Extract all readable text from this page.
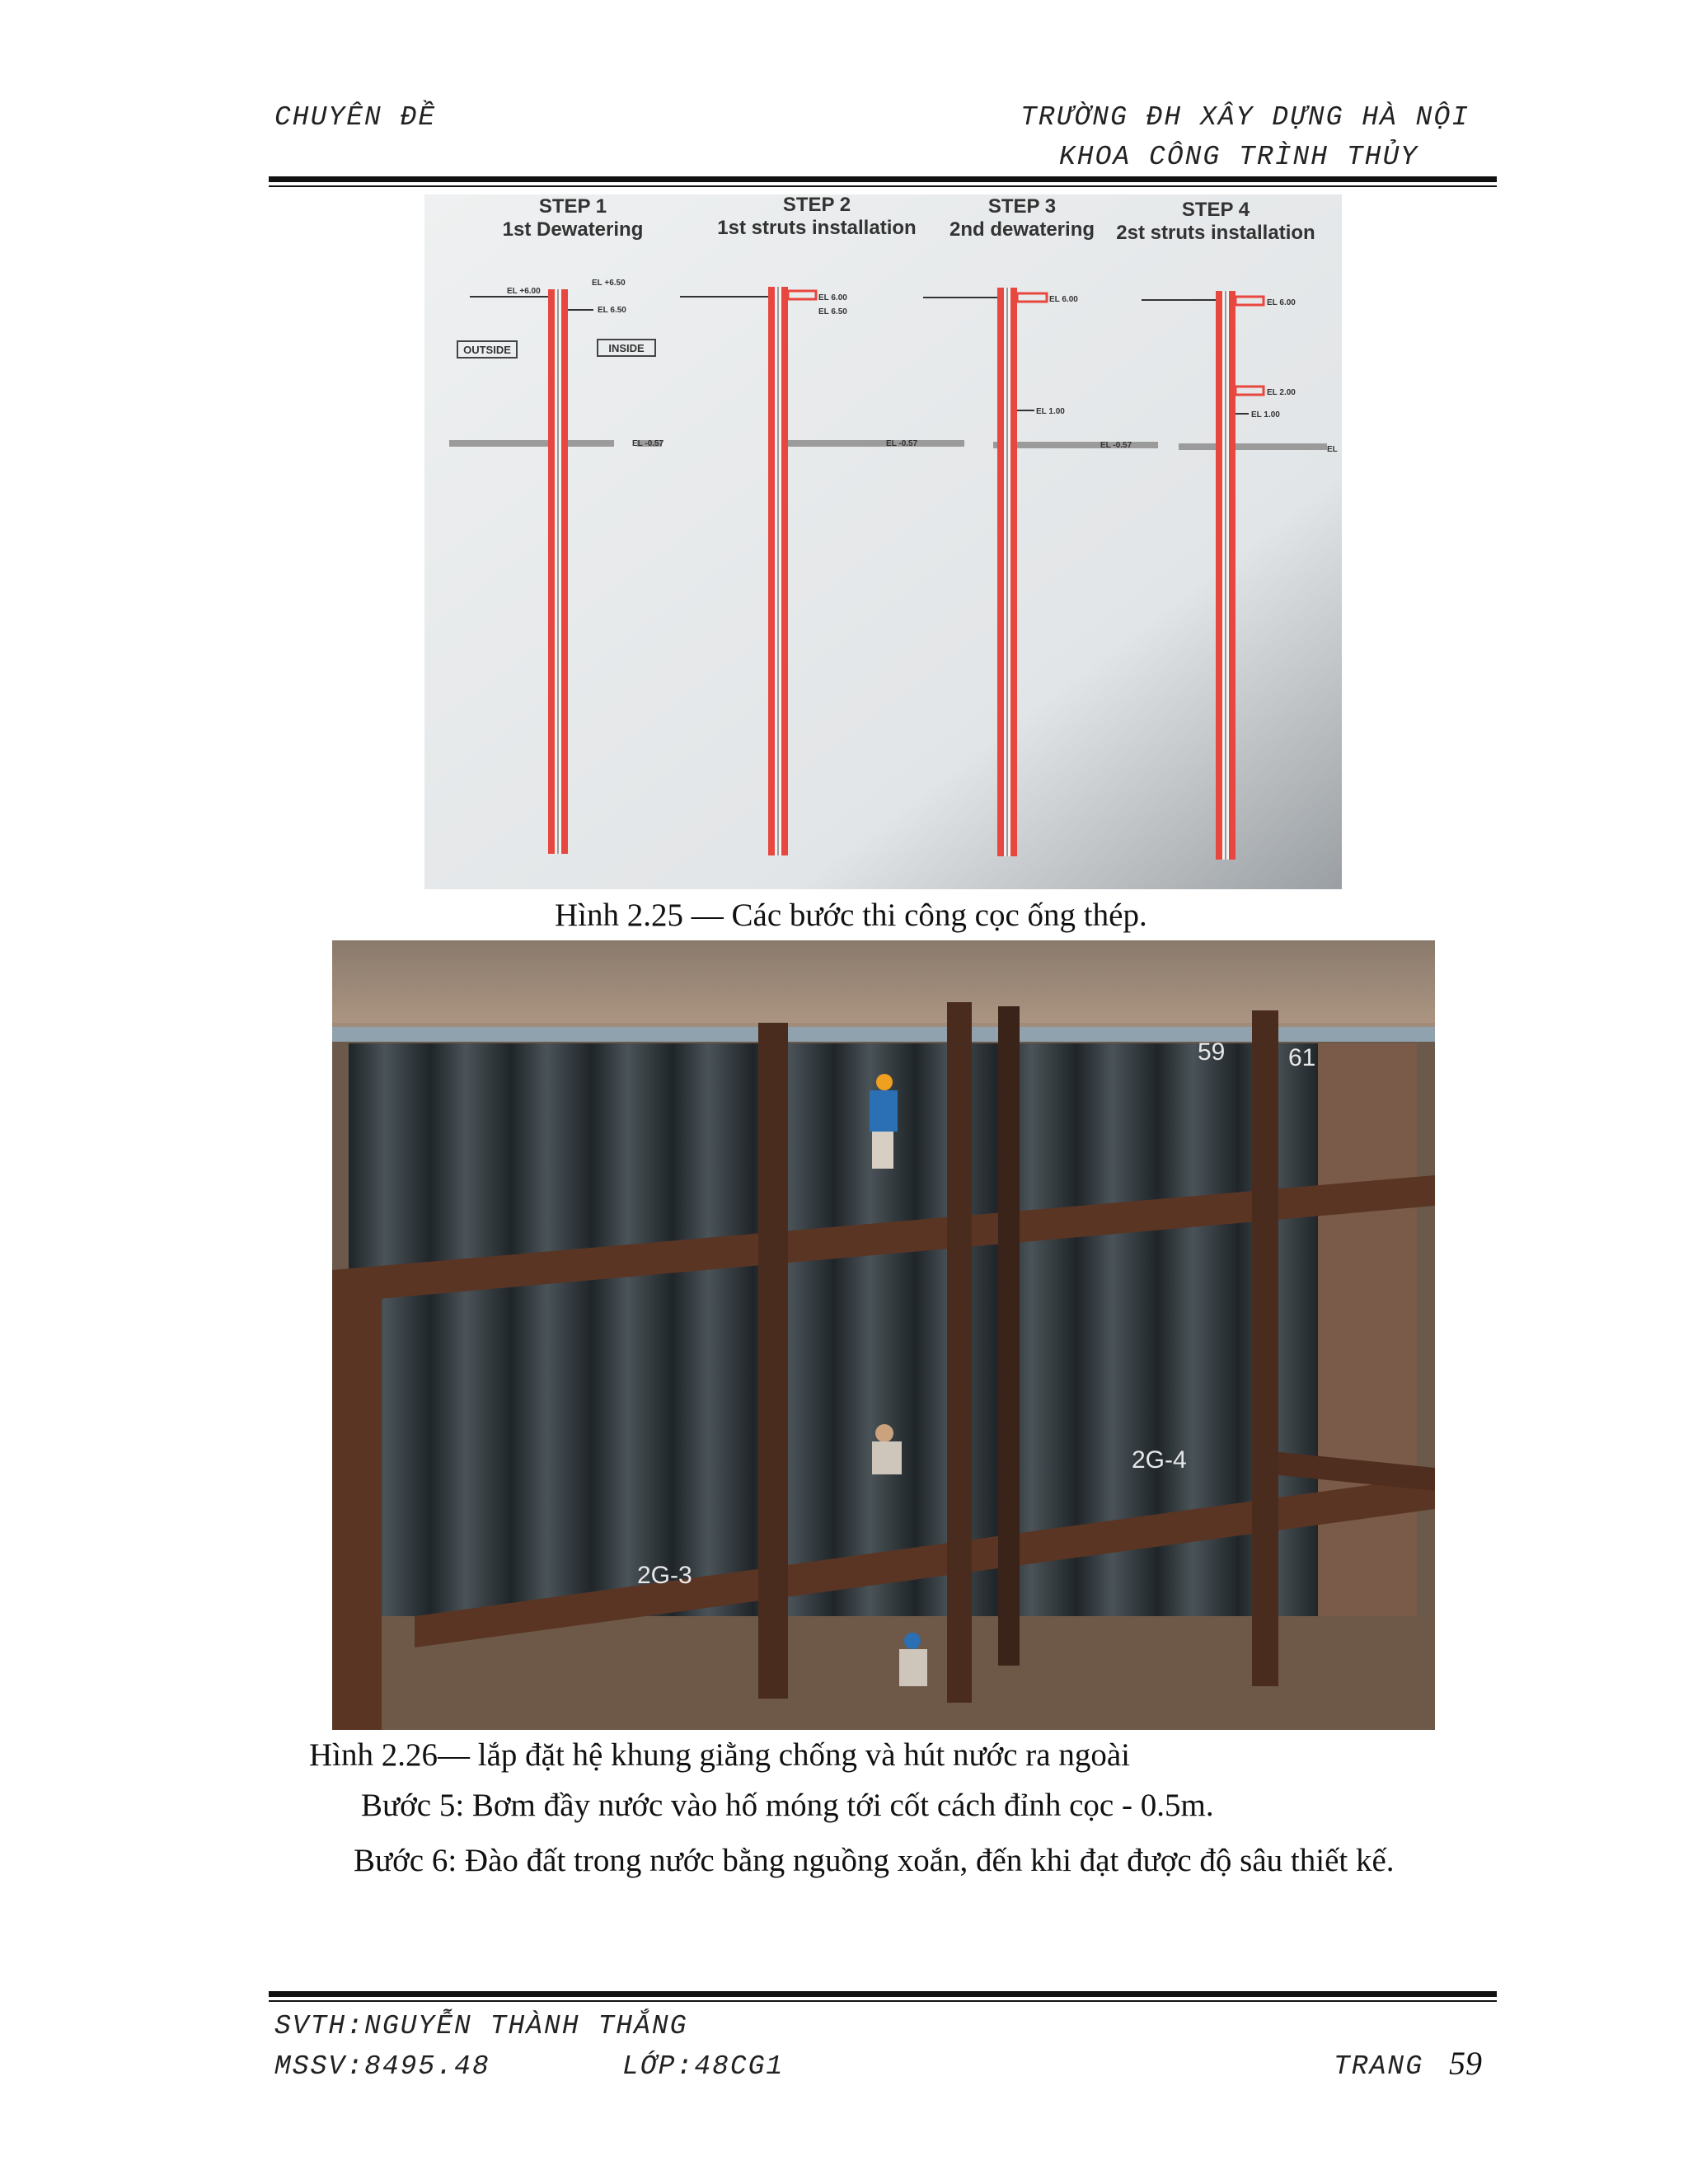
CHUYÊN ĐỀ	TRƯỜNG ĐH XÂY DỰNG HÀ NỘI
KHOA CÔNG TRÌNH THỦY
STEP 1
1st Dewatering
STEP 2
1st struts installation
STEP 3
2nd dewatering
STEP 4
2st struts installation
OUTSIDE	INSIDE
EL +6.50
EL 6.50
EL +6.00
EL -0.57
EL 6.00
EL 6.50
EL -0.57
EL 6.00
EL 1.00
EL -0.57
EL 6.00
EL 2.00
EL 1.00
EL
Hình 2.25 — Các bước thi công cọc ống thép.
2G-3
2G-4
59	61
Hình 2.26— lắp đặt hệ khung giằng chống và hút nước ra ngoài
Bước 5: Bơm đầy nước vào hố móng tới cốt cách đỉnh cọc - 0.5m.
Bước 6: Đào đất trong nước bằng nguồng xoắn, đến khi đạt được độ sâu thiết kế.
SVTH:NGUYỄN THÀNH THẮNG
MSSV:8495.48	LỚP:48CG1	TRANG 59
